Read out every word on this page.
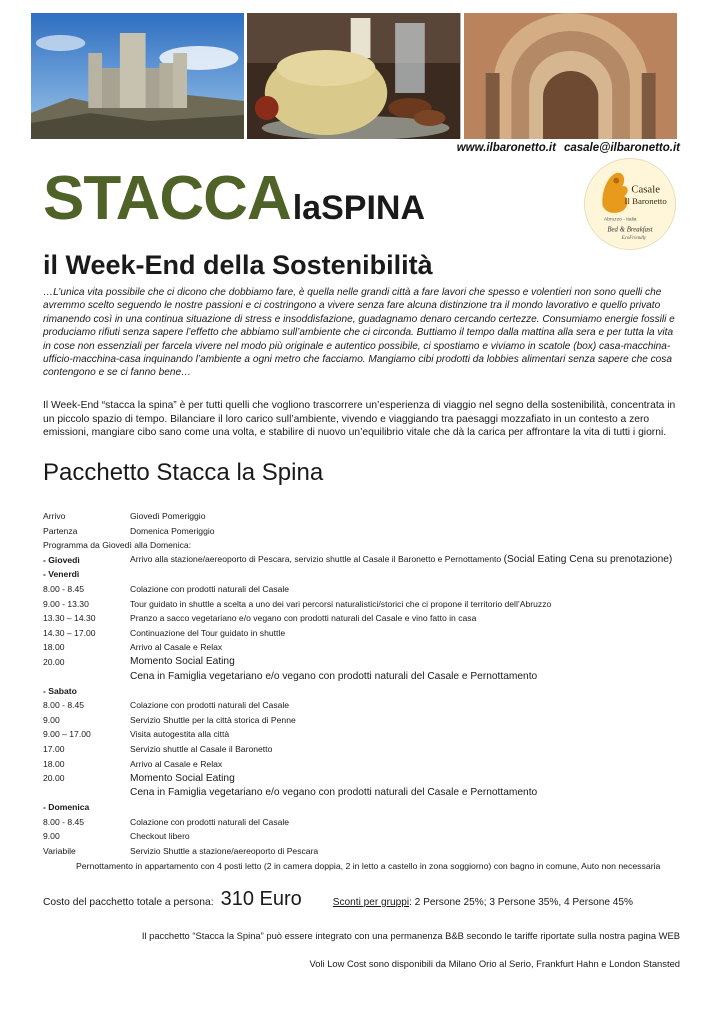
www.ilbaronetto.it casale@ilbaronetto.it
Casale
Il Baronetto
Abruzzo - Italia
Bed & Breakfast
EcoFriendly
STACCAlaSPINA
il Week-End della Sostenibilità
…L’unica vita possibile che ci dicono che dobbiamo fare, è quella nelle grandi città a fare lavori che spesso e volentieri non sono quelli che avremmo scelto seguendo le nostre passioni e ci costringono a vivere senza fare alcuna distinzione tra il mondo lavorativo e quello privato rimanendo così in una continua situazione di stress e insoddisfazione, guadagnamo denaro cercando certezze. Consumiamo energie fossili e produciamo rifiuti senza sapere l’effetto che abbiamo sull’ambiente che ci circonda. Buttiamo il tempo dalla mattina alla sera e per tutta la vita in cose non essenziali per farcela vivere nel modo più originale e autentico possibile, ci spostiamo e viviamo in scatole (box) casa-macchina-ufficio-macchina-casa inquinando l’ambiente a ogni metro che facciamo. Mangiamo cibi prodotti da lobbies alimentari senza sapere che cosa contengono e se ci fanno bene…
Il Week-End “stacca la spina” è per tutti quelli che vogliono trascorrere un’esperienza di viaggio nel segno della sostenibilità, concentrata in un piccolo spazio di tempo. Bilanciare il loro carico sull’ambiente, vivendo e viaggiando tra paesaggi mozzafiato in un contesto a zero emissioni, mangiare cibo sano come una volta, e stabilire di nuovo un’equilibrio vitale che dà la carica per affrontare la vita di tutti i giorni.
Pacchetto Stacca la Spina
Arrivo	Giovedì Pomeriggio
Partenza	Domenica Pomeriggio
Programma da Giovedì alla Domenica:
- Giovedì	Arrivo alla stazione/aereoporto di Pescara, servizio shuttle al Casale il Baronetto e Pernottamento (Social Eating Cena su prenotazione)
- Venerdì
8.00 - 8.45	Colazione con prodotti naturali del Casale
9.00 - 13.30	Tour guidato in shuttle a scelta a uno dei vari percorsi naturalistici/storici che ci propone il territorio dell’Abruzzo
13.30 – 14.30	Pranzo a sacco vegetariano e/o vegano con prodotti naturali del Casale e vino fatto in casa
14.30 – 17.00	Continuazione del Tour guidato in shuttle
18.00	Arrivo al Casale e Relax
20.00	Momento Social Eating
Cena in Famiglia vegetariano e/o vegano con prodotti naturali del Casale e Pernottamento
- Sabato
8.00 - 8.45	Colazione con prodotti naturali del Casale
9.00	Servizio Shuttle per la città storica di Penne
9.00 – 17.00	Visita autogestita alla città
17.00	Servizio shuttle al Casale il Baronetto
18.00	Arrivo al Casale e Relax
20.00	Momento Social Eating
Cena in Famiglia vegetariano e/o vegano con prodotti naturali del Casale e Pernottamento
- Domenica
8.00 - 8.45	Colazione con prodotti naturali del Casale
9.00	Checkout libero
Variabile	Servizio Shuttle a stazione/aereoporto di Pescara
Pernottamento in appartamento con 4 posti letto (2 in camera doppia, 2 in letto a castello in zona soggiorno) con bagno in comune, Auto non necessaria
Costo del pacchetto totale a persona: 310 Euro	Sconti per gruppi: 2 Persone 25%; 3 Persone 35%, 4 Persone 45%
Il pacchetto “Stacca la Spina” può essere integrato con una permanenza B&B secondo le tariffe riportate sulla nostra pagina WEB
Voli Low Cost sono disponibili da Milano Orio al Serio, Frankfurt Hahn e London Stansted
